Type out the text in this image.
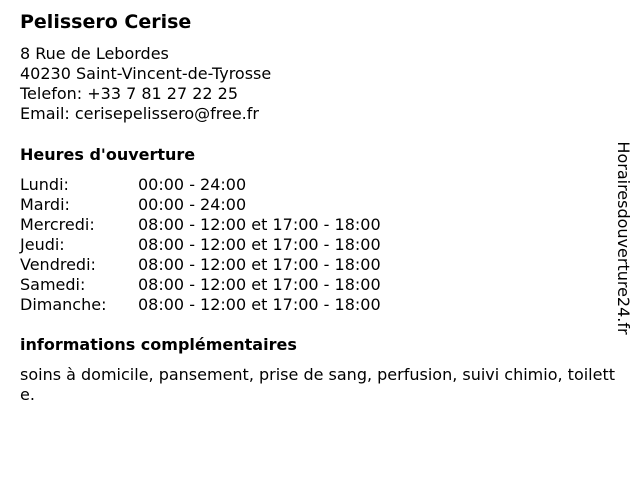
Pelissero Cerise
8 Rue de Lebordes
40230 Saint-Vincent-de-Tyrosse
Telefon: +33 7 81 27 22 25
Email: cerisepelissero@free.fr
Heures d'ouverture
Lundi:	00:00 - 24:00
Mardi:	00:00 - 24:00
Mercredi:	08:00 - 12:00 et 17:00 - 18:00
Jeudi:	08:00 - 12:00 et 17:00 - 18:00
Vendredi:	08:00 - 12:00 et 17:00 - 18:00
Samedi:	08:00 - 12:00 et 17:00 - 18:00
Dimanche:	08:00 - 12:00 et 17:00 - 18:00
informations complémentaires
soins à domicile, pansement, prise de sang, perfusion, suivi chimio, toilette.
Horairesdouverture24.fr
